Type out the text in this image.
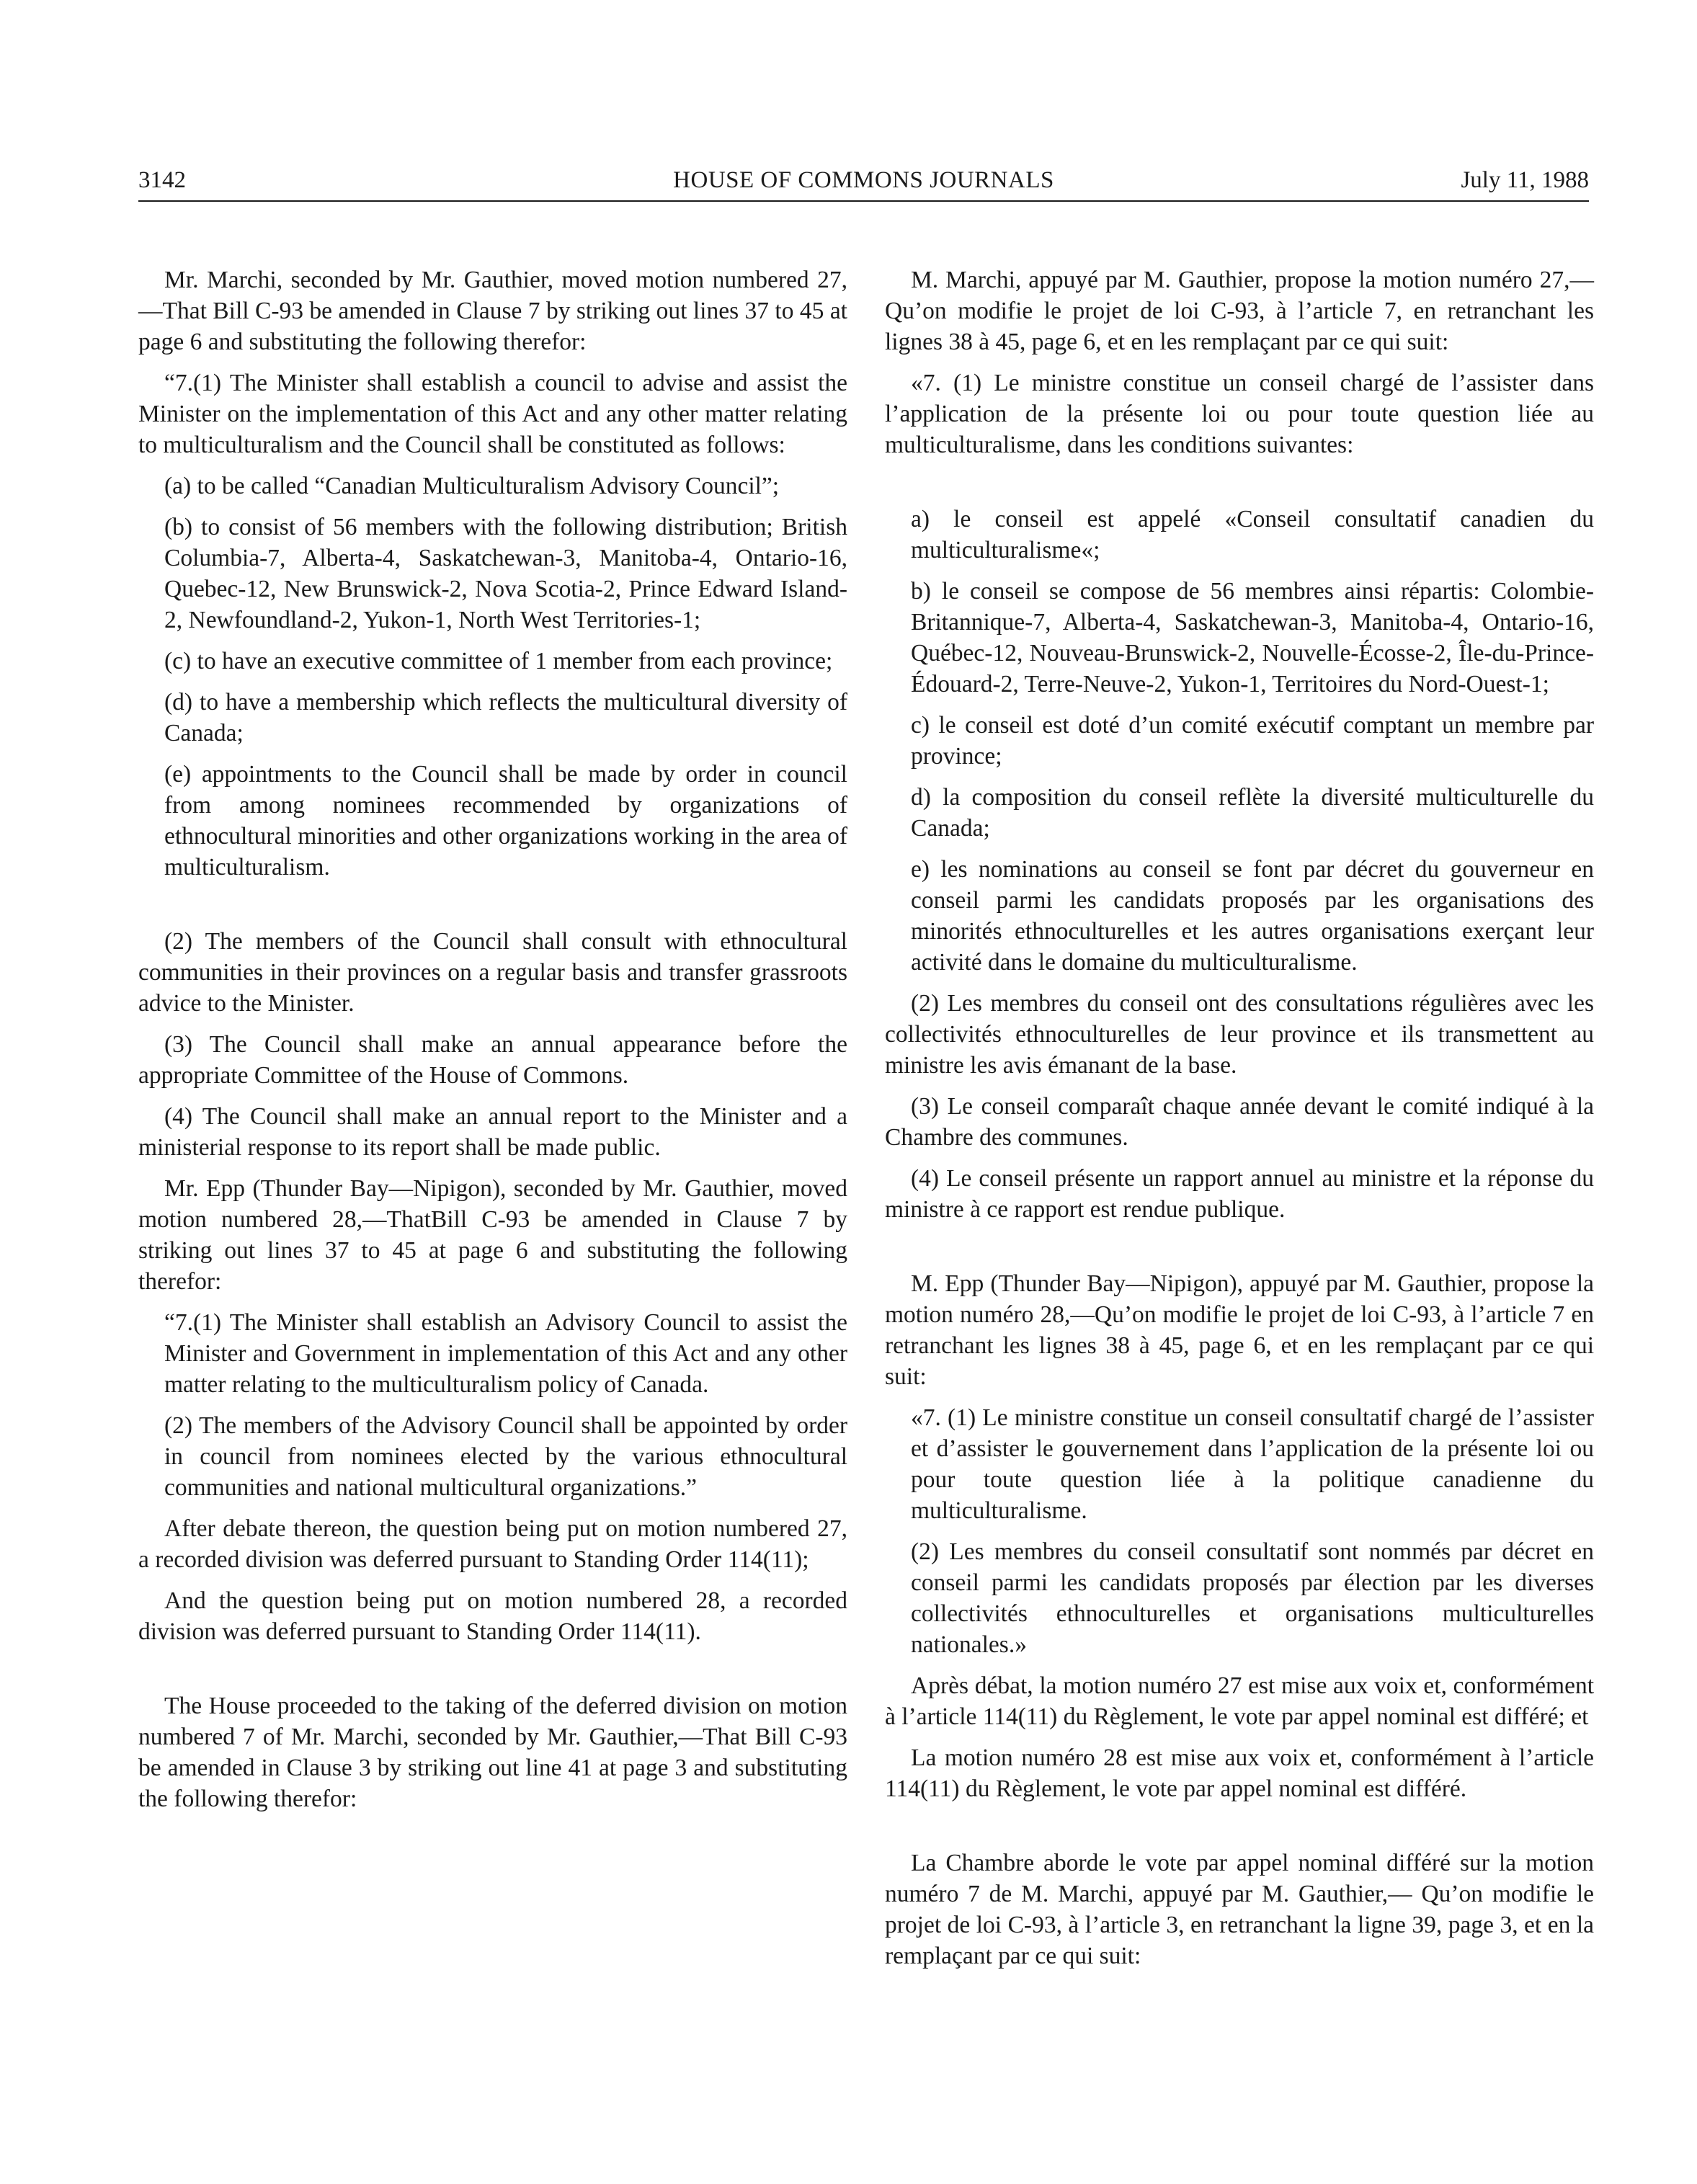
3142	HOUSE OF COMMONS JOURNALS	July 11, 1988

Mr. Marchi, seconded by Mr. Gauthier, moved motion numbered 27,—That Bill C-93 be amended in Clause 7 by striking out lines 37 to 45 at page 6 and substituting the following therefor:

“7.(1) The Minister shall establish a council to advise and assist the Minister on the implementation of this Act and any other matter relating to multiculturalism and the Council shall be constituted as follows:

(a) to be called “Canadian Multiculturalism Advisory Council”;

(b) to consist of 56 members with the following distribution; British Columbia-7, Alberta-4, Saskatchewan-3, Manitoba-4, Ontario-16, Quebec-12, New Brunswick-2, Nova Scotia-2, Prince Edward Island-2, Newfoundland-2, Yukon-1, North West Territories-1;

(c) to have an executive committee of 1 member from each province;

(d) to have a membership which reflects the multicultural diversity of Canada;

(e) appointments to the Council shall be made by order in council from among nominees recommended by organizations of ethnocultural minorities and other organizations working in the area of multiculturalism.

(2) The members of the Council shall consult with ethnocultural communities in their provinces on a regular basis and transfer grassroots advice to the Minister.

(3) The Council shall make an annual appearance before the appropriate Committee of the House of Commons.

(4) The Council shall make an annual report to the Minister and a ministerial response to its report shall be made public.

Mr. Epp (Thunder Bay—Nipigon), seconded by Mr. Gauthier, moved motion numbered 28,—ThatBill C-93 be amended in Clause 7 by striking out lines 37 to 45 at page 6 and substituting the following therefor:

“7.(1) The Minister shall establish an Advisory Council to assist the Minister and Government in implementation of this Act and any other matter relating to the multiculturalism policy of Canada.

(2) The members of the Advisory Council shall be appointed by order in council from nominees elected by the various ethnocultural communities and national multicultural organizations.”

After debate thereon, the question being put on motion numbered 27, a recorded division was deferred pursuant to Standing Order 114(11);

And the question being put on motion numbered 28, a recorded division was deferred pursuant to Standing Order 114(11).

The House proceeded to the taking of the deferred division on motion numbered 7 of Mr. Marchi, seconded by Mr. Gauthier,—That Bill C-93 be amended in Clause 3 by striking out line 41 at page 3 and substituting the following therefor:

M. Marchi, appuyé par M. Gauthier, propose la motion numéro 27,—Qu’on modifie le projet de loi C-93, à l’article 7, en retranchant les lignes 38 à 45, page 6, et en les remplaçant par ce qui suit:

«7. (1) Le ministre constitue un conseil chargé de l’assister dans l’application de la présente loi ou pour toute question liée au multiculturalisme, dans les conditions suivantes:

a) le conseil est appelé «Conseil consultatif canadien du multiculturalisme«;

b) le conseil se compose de 56 membres ainsi répartis: Colombie-Britannique-7, Alberta-4, Saskatchewan-3, Manitoba-4, Ontario-16, Québec-12, Nouveau-Brunswick-2, Nouvelle-Écosse-2, Île-du-Prince-Édouard-2, Terre-Neuve-2, Yukon-1, Territoires du Nord-Ouest-1;

c) le conseil est doté d’un comité exécutif comptant un membre par province;

d) la composition du conseil reflète la diversité multiculturelle du Canada;

e) les nominations au conseil se font par décret du gouverneur en conseil parmi les candidats proposés par les organisations des minorités ethnoculturelles et les autres organisations exerçant leur activité dans le domaine du multiculturalisme.

(2) Les membres du conseil ont des consultations régulières avec les collectivités ethnoculturelles de leur province et ils transmettent au ministre les avis émanant de la base.

(3) Le conseil comparaît chaque année devant le comité indiqué à la Chambre des communes.

(4) Le conseil présente un rapport annuel au ministre et la réponse du ministre à ce rapport est rendue publique.

M. Epp (Thunder Bay—Nipigon), appuyé par M. Gauthier, propose la motion numéro 28,—Qu’on modifie le projet de loi C-93, à l’article 7 en retranchant les lignes 38 à 45, page 6, et en les remplaçant par ce qui suit:

«7. (1) Le ministre constitue un conseil consultatif chargé de l’assister et d’assister le gouvernement dans l’application de la présente loi ou pour toute question liée à la politique canadienne du multiculturalisme.

(2) Les membres du conseil consultatif sont nommés par décret en conseil parmi les candidats proposés par élection par les diverses collectivités ethnoculturelles et organisations multiculturelles nationales.»

Après débat, la motion numéro 27 est mise aux voix et, conformément à l’article 114(11) du Règlement, le vote par appel nominal est différé; et

La motion numéro 28 est mise aux voix et, conformément à l’article 114(11) du Règlement, le vote par appel nominal est différé.

La Chambre aborde le vote par appel nominal différé sur la motion numéro 7 de M. Marchi, appuyé par M. Gauthier,— Qu’on modifie le projet de loi C-93, à l’article 3, en retranchant la ligne 39, page 3, et en la remplaçant par ce qui suit:
